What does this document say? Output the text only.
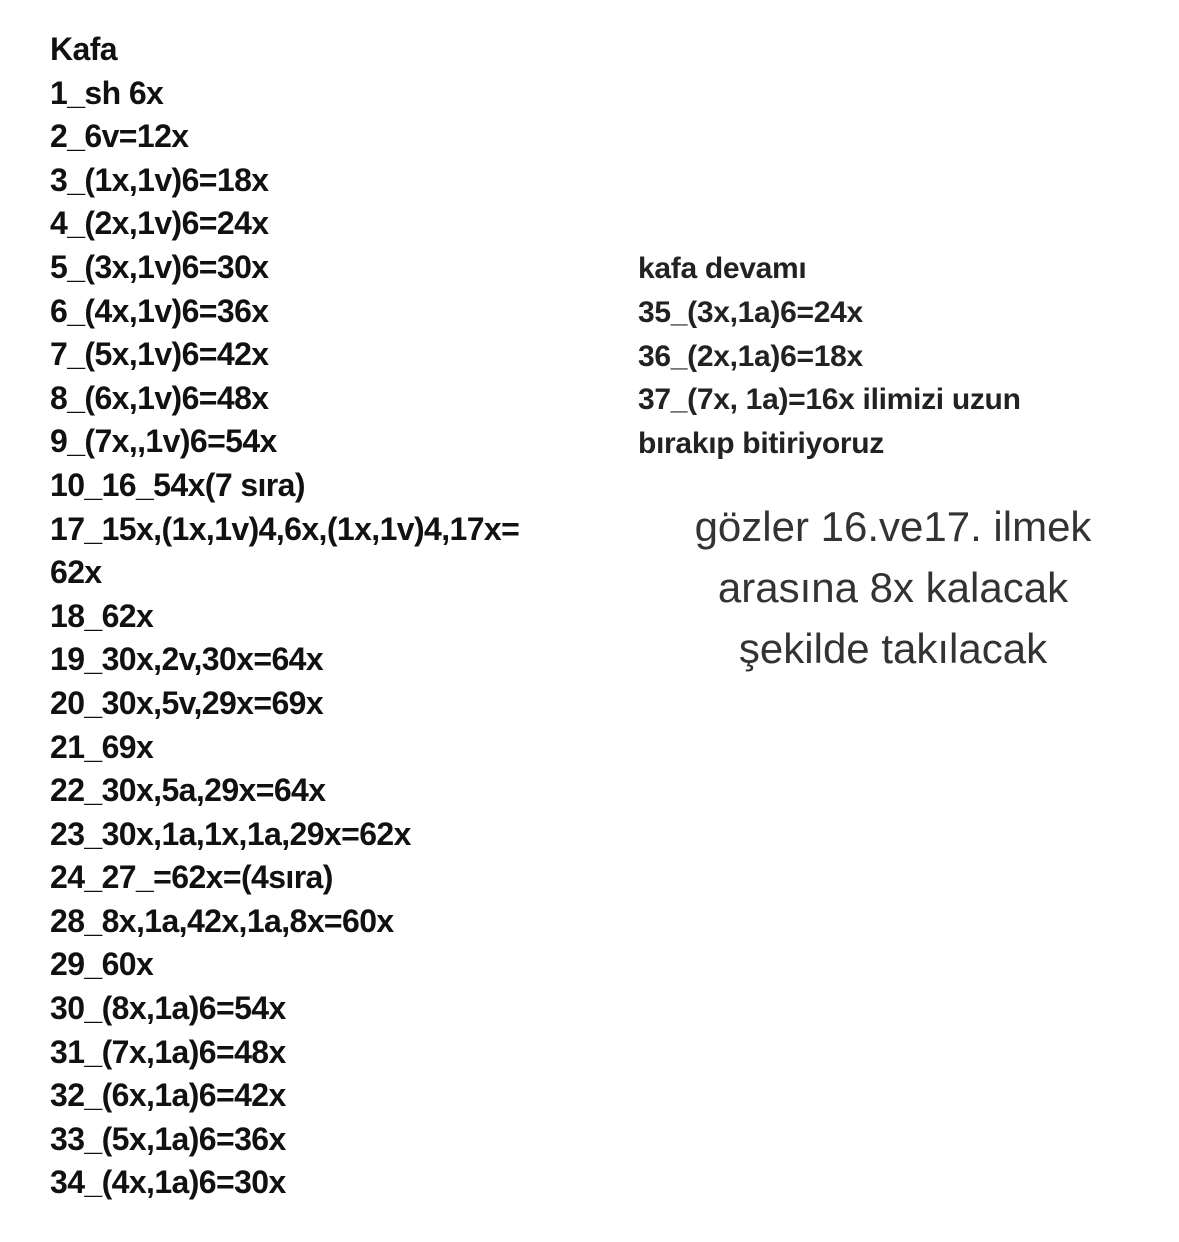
Kafa
1_sh 6x
2_6v=12x
3_(1x,1v)6=18x
4_(2x,1v)6=24x
5_(3x,1v)6=30x
6_(4x,1v)6=36x
7_(5x,1v)6=42x
8_(6x,1v)6=48x
9_(7x,,1v)6=54x
10_16_54x(7 sıra)
17_15x,(1x,1v)4,6x,(1x,1v)4,17x=
62x
18_62x
19_30x,2v,30x=64x
20_30x,5v,29x=69x
21_69x
22_30x,5a,29x=64x
23_30x,1a,1x,1a,29x=62x
24_27_=62x=(4sıra)
28_8x,1a,42x,1a,8x=60x
29_60x
30_(8x,1a)6=54x
31_(7x,1a)6=48x
32_(6x,1a)6=42x
33_(5x,1a)6=36x
34_(4x,1a)6=30x
kafa devamı
35_(3x,1a)6=24x
36_(2x,1a)6=18x
37_(7x, 1a)=16x ilimizi uzun
bırakıp bitiriyoruz
gözler 16.ve17. ilmek
arasına 8x kalacak
şekilde takılacak
